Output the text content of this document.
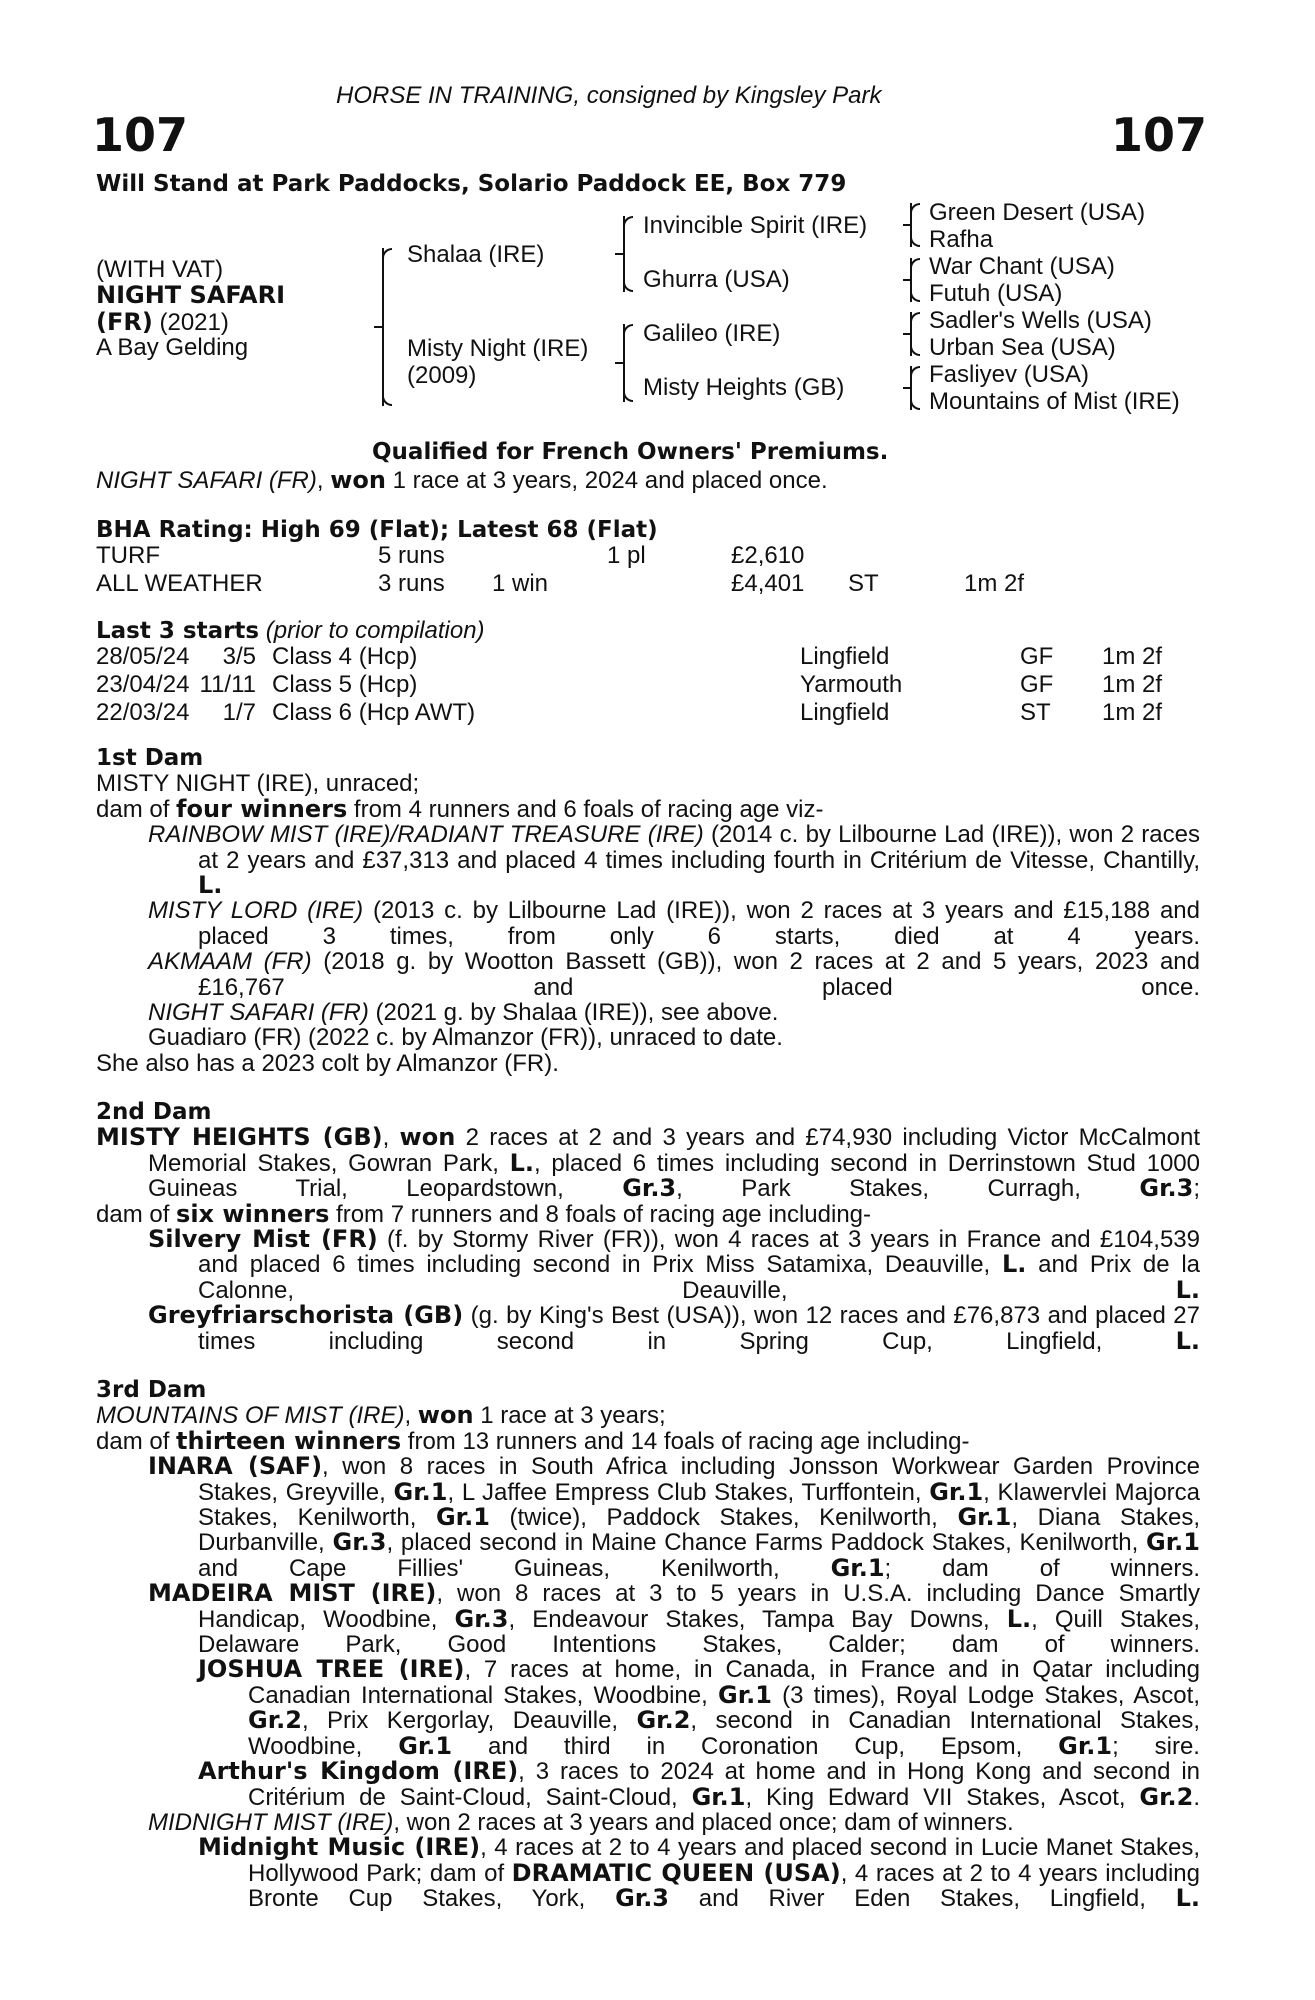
HORSE IN TRAINING, consigned by Kingsley Park
107	107
Will Stand at Park Paddocks, Solario Paddock EE, Box 779
(WITH VAT)
NIGHT SAFARI
(FR) (2021)
A Bay Gelding
Shalaa (IRE)
Misty Night (IRE)
(2009)
Invincible Spirit (IRE)
Ghurra (USA)
Galileo (IRE)
Misty Heights (GB)
Green Desert (USA)
Rafha
War Chant (USA)
Futuh (USA)
Sadler's Wells (USA)
Urban Sea (USA)
Fasliyev (USA)
Mountains of Mist (IRE)
Qualified for French Owners' Premiums.
NIGHT SAFARI (FR), won 1 race at 3 years, 2024 and placed once.
BHA Rating: High 69 (Flat); Latest 68 (Flat)
TURF	5 runs		1 pl	£2,610		
ALL WEATHER	3 runs	1 win		£4,401	ST	1m 2f
Last 3 starts (prior to compilation)
28/05/24	3/5	Class 4 (Hcp)	Lingfield	GF	1m 2f
23/04/24	11/11	Class 5 (Hcp)	Yarmouth	GF	1m 2f
22/03/24	1/7	Class 6 (Hcp AWT)	Lingfield	ST	1m 2f

1st Dam

MISTY NIGHT (IRE), unraced;

dam of four winners from 4 runners and 6 foals of racing age viz-

RAINBOW MIST (IRE)/RADIANT TREASURE (IRE) (2014 c. by Lilbourne Lad (IRE)), won 2 races at 2 years and £37,313 and placed 4 times including fourth in Critérium de Vitesse, Chantilly, L.

MISTY LORD (IRE) (2013 c. by Lilbourne Lad (IRE)), won 2 races at 3 years and £15,188 and placed 3 times, from only 6 starts, died at 4 years.

AKMAAM (FR) (2018 g. by Wootton Bassett (GB)), won 2 races at 2 and 5 years, 2023 and £16,767 and placed once.

NIGHT SAFARI (FR) (2021 g. by Shalaa (IRE)), see above.

Guadiaro (FR) (2022 c. by Almanzor (FR)), unraced to date.

She also has a 2023 colt by Almanzor (FR).

2nd Dam

MISTY HEIGHTS (GB), won 2 races at 2 and 3 years and £74,930 including Victor McCalmont Memorial Stakes, Gowran Park, L., placed 6 times including second in Derrinstown Stud 1000 Guineas Trial, Leopardstown, Gr.3, Park Stakes, Curragh, Gr.3;

dam of six winners from 7 runners and 8 foals of racing age including-

Silvery Mist (FR) (f. by Stormy River (FR)), won 4 races at 3 years in France and £104,539 and placed 6 times including second in Prix Miss Satamixa, Deauville, L. and Prix de la Calonne, Deauville, L.

Greyfriarschorista (GB) (g. by King's Best (USA)), won 12 races and £76,873 and placed 27 times including second in Spring Cup, Lingfield, L.

3rd Dam

MOUNTAINS OF MIST (IRE), won 1 race at 3 years;

dam of thirteen winners from 13 runners and 14 foals of racing age including-

INARA (SAF), won 8 races in South Africa including Jonsson Workwear Garden Province Stakes, Greyville, Gr.1, L Jaffee Empress Club Stakes, Turffontein, Gr.1, Klawervlei Majorca Stakes, Kenilworth, Gr.1 (twice), Paddock Stakes, Kenilworth, Gr.1, Diana Stakes, Durbanville, Gr.3, placed second in Maine Chance Farms Paddock Stakes, Kenilworth, Gr.1 and Cape Fillies' Guineas, Kenilworth, Gr.1; dam of winners.

MADEIRA MIST (IRE), won 8 races at 3 to 5 years in U.S.A. including Dance Smartly Handicap, Woodbine, Gr.3, Endeavour Stakes, Tampa Bay Downs, L., Quill Stakes, Delaware Park, Good Intentions Stakes, Calder; dam of winners.

JOSHUA TREE (IRE), 7 races at home, in Canada, in France and in Qatar including Canadian International Stakes, Woodbine, Gr.1 (3 times), Royal Lodge Stakes, Ascot, Gr.2, Prix Kergorlay, Deauville, Gr.2, second in Canadian International Stakes, Woodbine, Gr.1 and third in Coronation Cup, Epsom, Gr.1; sire.

Arthur's Kingdom (IRE), 3 races to 2024 at home and in Hong Kong and second in Critérium de Saint-Cloud, Saint-Cloud, Gr.1, King Edward VII Stakes, Ascot, Gr.2.

MIDNIGHT MIST (IRE), won 2 races at 3 years and placed once; dam of winners.

Midnight Music (IRE), 4 races at 2 to 4 years and placed second in Lucie Manet Stakes, Hollywood Park; dam of DRAMATIC QUEEN (USA), 4 races at 2 to 4 years including Bronte Cup Stakes, York, Gr.3 and River Eden Stakes, Lingfield, L.
